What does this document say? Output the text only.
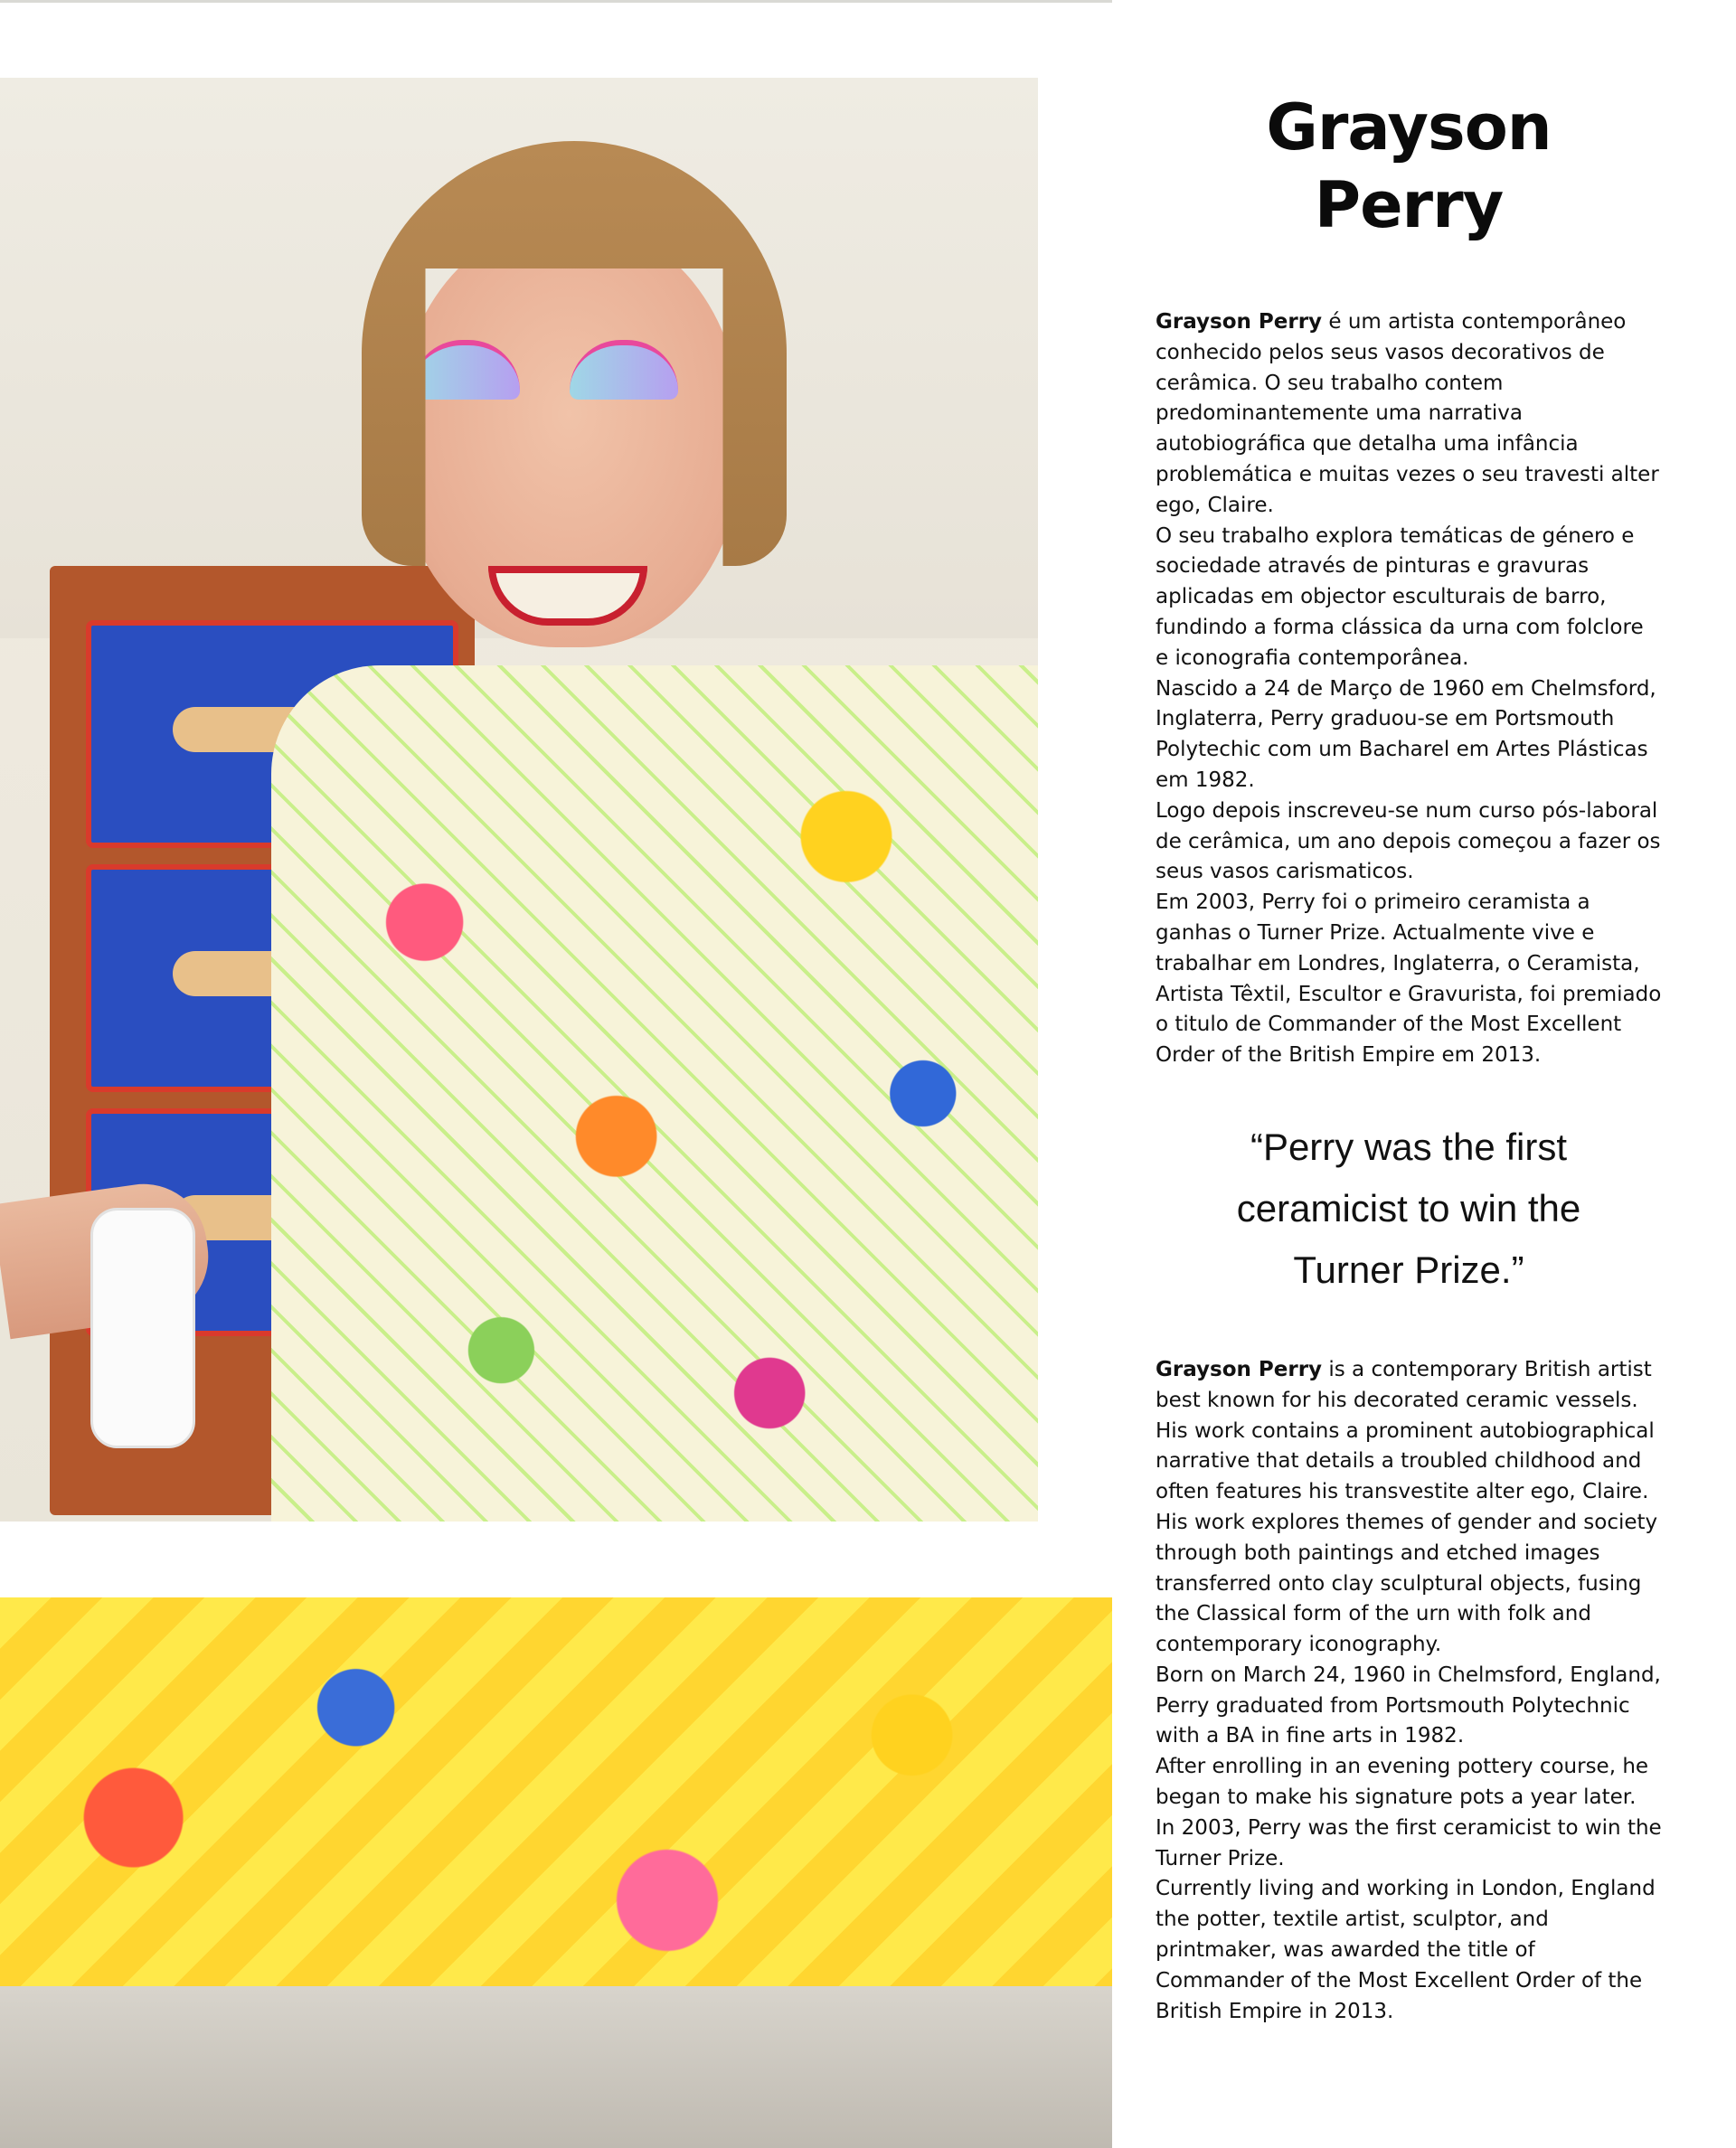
Grayson
Perry

Grayson Perry é um artista contemporâneo conhecido pelos seus vasos decorativos de cerâmica. O seu trabalho contem predominantemente uma narrativa autobiográfica que detalha uma infância problemática e muitas vezes o seu travesti alter ego, Claire.

O seu trabalho explora temáticas de género e sociedade através de pinturas e gravuras aplicadas em objector esculturais de barro, fundindo a forma clássica da urna com folclore e iconografia contemporânea.

Nascido a 24 de Março de 1960 em Chelmsford, Inglaterra, Perry graduou-se em Portsmouth Polytechic com um Bacharel em Artes Plásticas em 1982.

Logo depois inscreveu-se num curso pós-laboral de cerâmica, um ano depois começou a fazer os seus vasos carismaticos.

Em 2003, Perry foi o primeiro ceramista a ganhas o Turner Prize. Actualmente vive e trabalhar em Londres, Inglaterra, o Ceramista, Artista Têxtil, Escultor e Gravurista, foi premiado o titulo de Commander of the Most Excellent Order of the British Empire em 2013.

“Perry was the first
ceramicist to win the
Turner Prize.”

Grayson Perry is a contemporary British artist best known for his decorated ceramic vessels. His work contains a prominent autobiographical narrative that details a troubled childhood and often features his transvestite alter ego, Claire.

His work explores themes of gender and society through both paintings and etched images transferred onto clay sculptural objects, fusing the Classical form of the urn with folk and contemporary iconography.

Born on March 24, 1960 in Chelmsford, England, Perry graduated from Portsmouth Polytechnic with a BA in fine arts in 1982.

After enrolling in an evening pottery course, he began to make his signature pots a year later.

In 2003, Perry was the first ceramicist to win the Turner Prize.

Currently living and working in London, England the potter, textile artist, sculptor, and printmaker, was awarded the title of Commander of the Most Excellent Order of the British Empire in 2013.
